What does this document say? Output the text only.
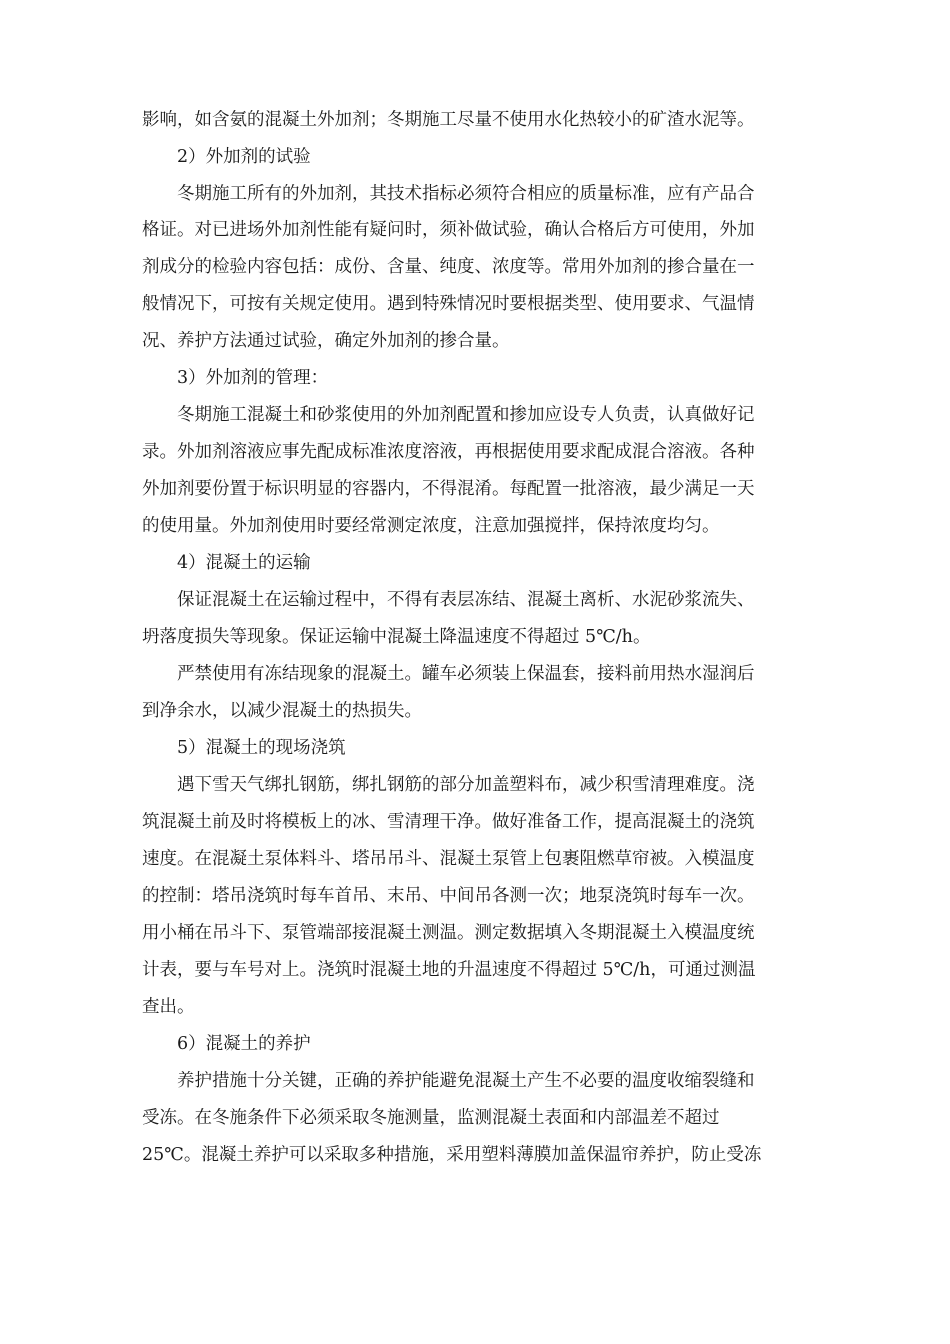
影响，如含氨的混凝土外加剂；冬期施工尽量不使用水化热较小的矿渣水泥等。

2）外加剂的试验

冬期施工所有的外加剂，其技术指标必须符合相应的质量标准，应有产品合

格证。对已进场外加剂性能有疑问时，须补做试验，确认合格后方可使用，外加

剂成分的检验内容包括：成份、含量、纯度、浓度等。常用外加剂的掺合量在一

般情况下，可按有关规定使用。遇到特殊情况时要根据类型、使用要求、气温情

况、养护方法通过试验，确定外加剂的掺合量。

3）外加剂的管理：

冬期施工混凝土和砂浆使用的外加剂配置和掺加应设专人负责，认真做好记

录。外加剂溶液应事先配成标准浓度溶液，再根据使用要求配成混合溶液。各种

外加剂要份置于标识明显的容器内，不得混淆。每配置一批溶液，最少满足一天

的使用量。外加剂使用时要经常测定浓度，注意加强搅拌，保持浓度均匀。

4）混凝土的运输

保证混凝土在运输过程中，不得有表层冻结、混凝土离析、水泥砂浆流失、

坍落度损失等现象。保证运输中混凝土降温速度不得超过 5℃/h。

严禁使用有冻结现象的混凝土。罐车必须装上保温套，接料前用热水湿润后

到净余水，以减少混凝土的热损失。

5）混凝土的现场浇筑

遇下雪天气绑扎钢筋，绑扎钢筋的部分加盖塑料布，减少积雪清理难度。浇

筑混凝土前及时将模板上的冰、雪清理干净。做好准备工作，提高混凝土的浇筑

速度。在混凝土泵体料斗、塔吊吊斗、混凝土泵管上包裹阻燃草帘被。入模温度

的控制：塔吊浇筑时每车首吊、末吊、中间吊各测一次；地泵浇筑时每车一次。

用小桶在吊斗下、泵管端部接混凝土测温。测定数据填入冬期混凝土入模温度统

计表，要与车号对上。浇筑时混凝土地的升温速度不得超过 5℃/h，可通过测温

查出。

6）混凝土的养护

养护措施十分关键，正确的养护能避免混凝土产生不必要的温度收缩裂缝和

受冻。在冬施条件下必须采取冬施测量，监测混凝土表面和内部温差不超过

25℃。混凝土养护可以采取多种措施，采用塑料薄膜加盖保温帘养护，防止受冻
